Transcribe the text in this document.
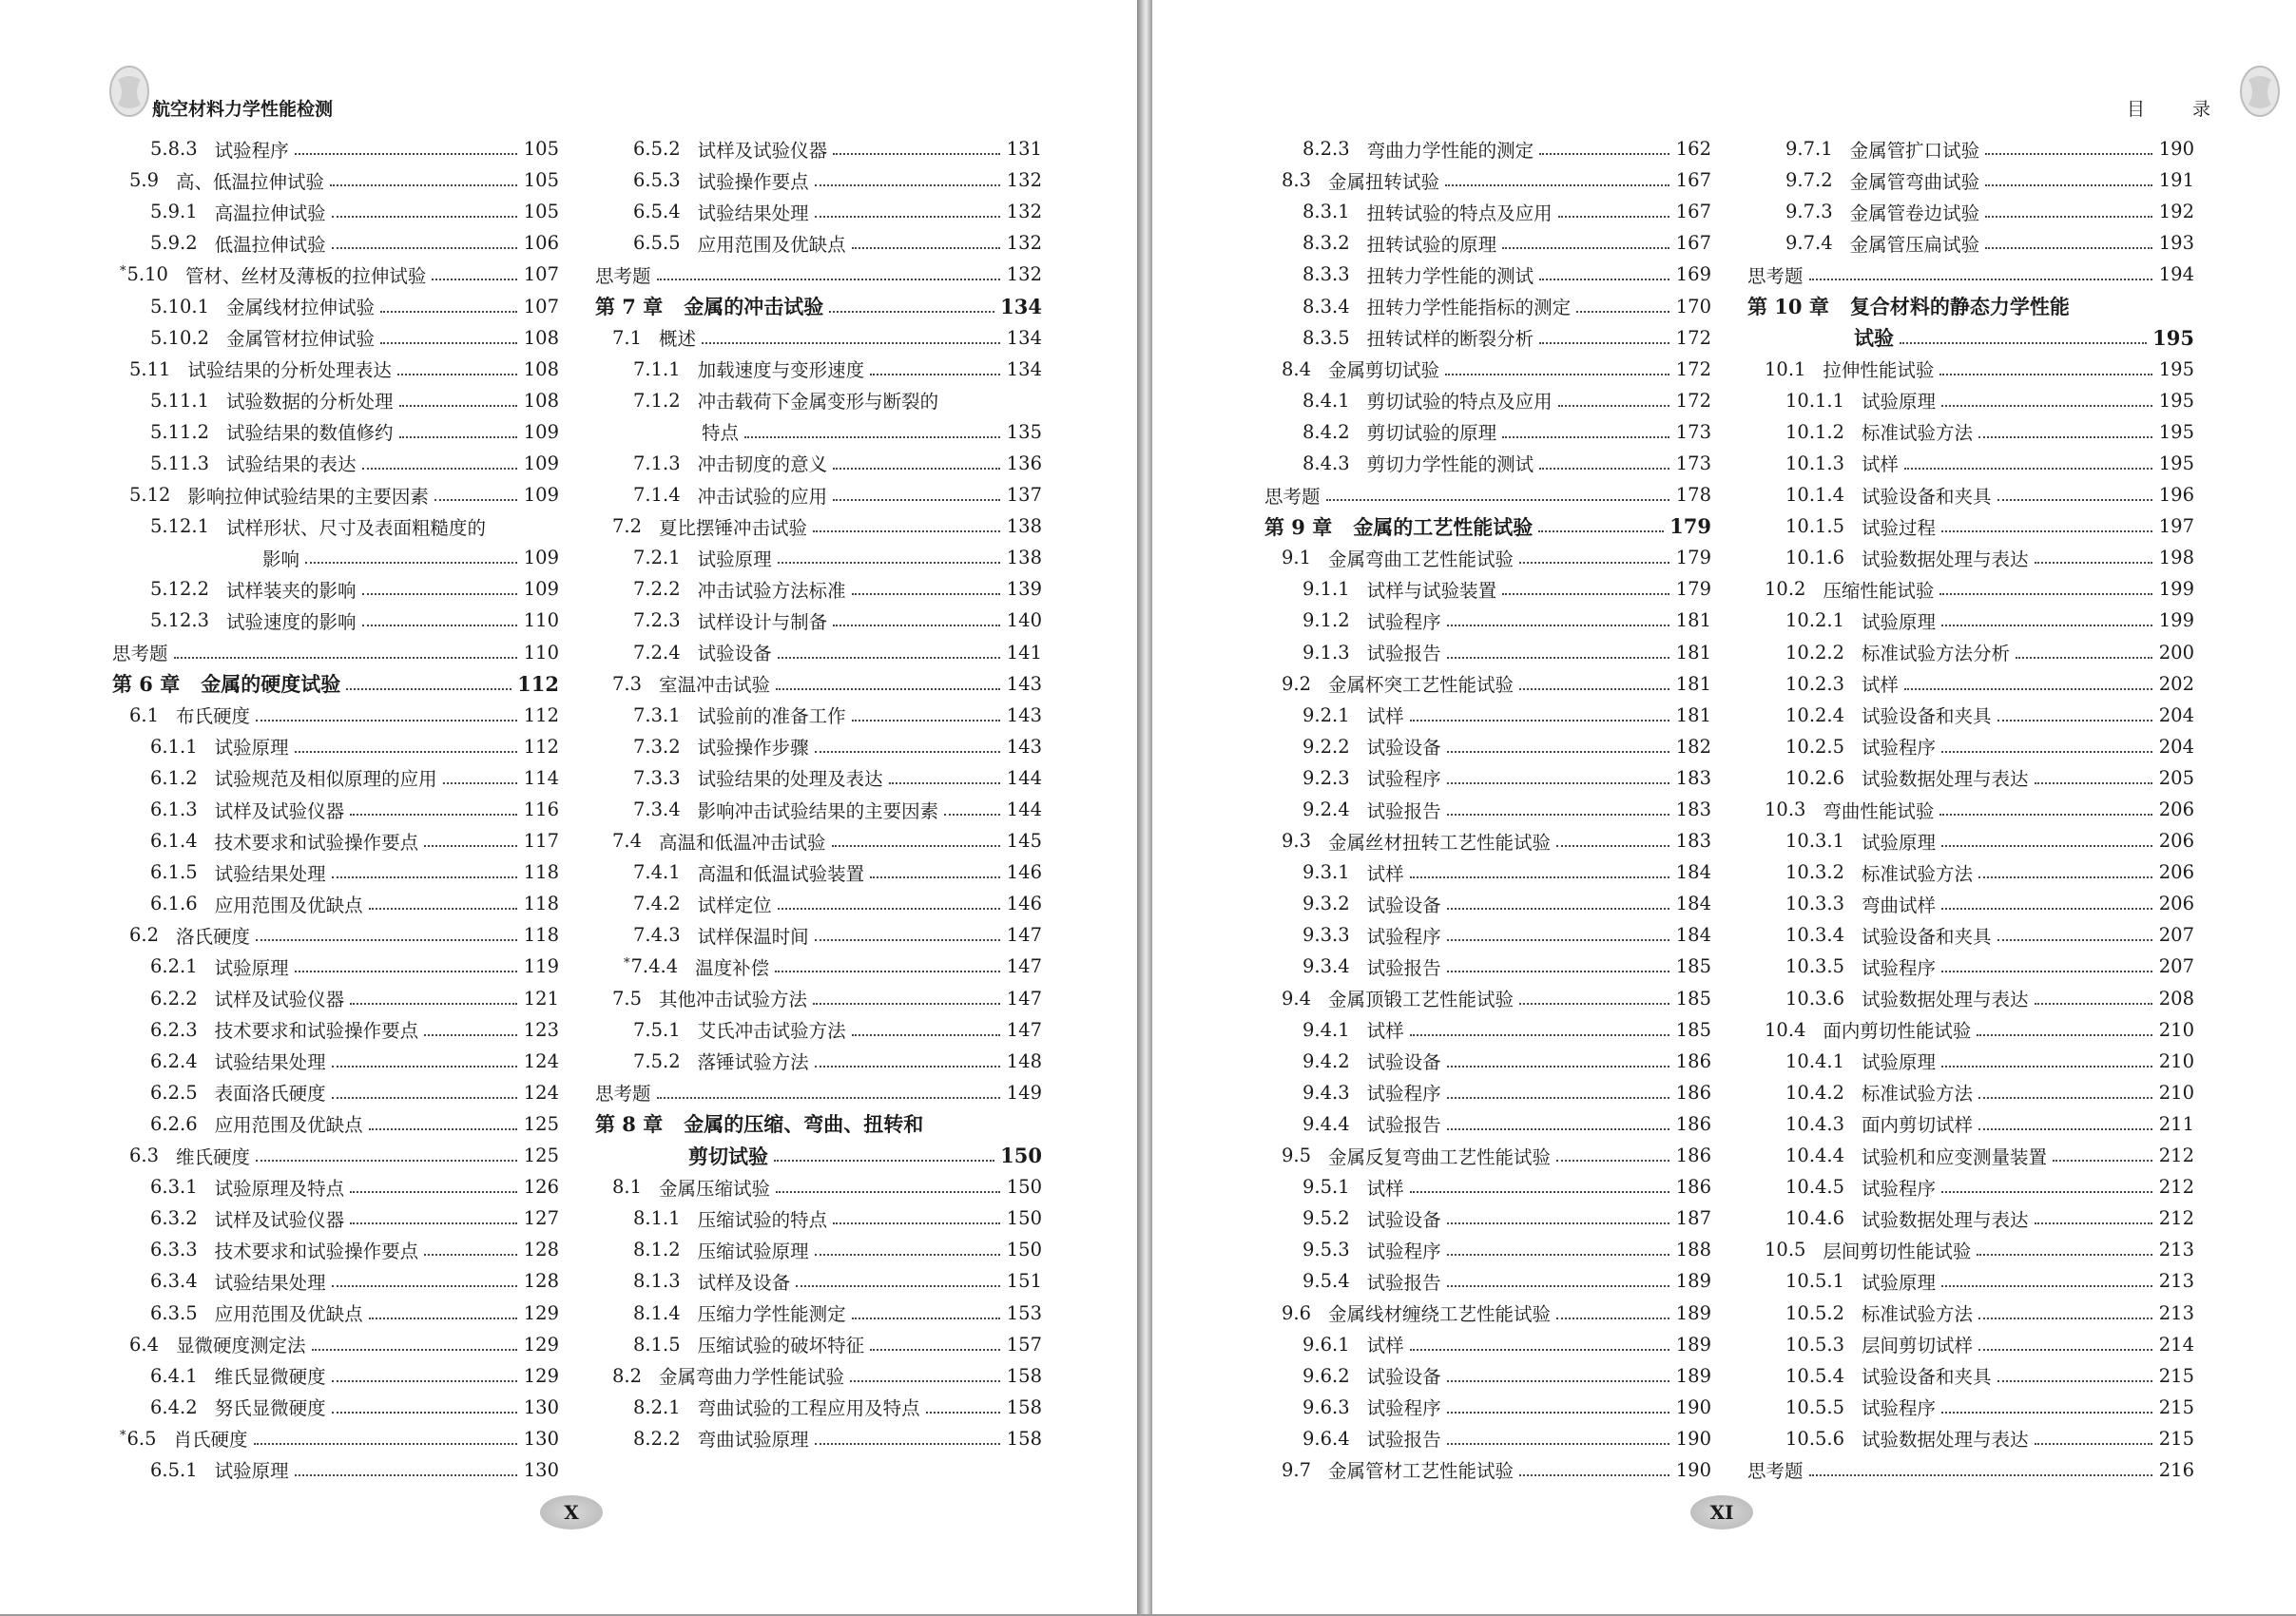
航空材料力学性能检测
5.8.3 试验程序	105
5.9 高、低温拉伸试验	105
5.9.1 高温拉伸试验	105
5.9.2 低温拉伸试验	106
* 5.10 管材、丝材及薄板的拉伸试验	107
5.10.1 金属线材拉伸试验	107
5.10.2 金属管材拉伸试验	108
5.11 试验结果的分析处理表达	108
5.11.1 试验数据的分析处理	108
5.11.2 试验结果的数值修约	109
5.11.3 试验结果的表达	109
5.12 影响拉伸试验结果的主要因素	109
5.12.1 试样形状、尺寸及表面粗糙度的
影响	109
5.12.2 试样装夹的影响	109
5.12.3 试验速度的影响	110
思考题	110
第 6 章 金属的硬度试验	112
6.1 布氏硬度	112
6.1.1 试验原理	112
6.1.2 试验规范及相似原理的应用	114
6.1.3 试样及试验仪器	116
6.1.4 技术要求和试验操作要点	117
6.1.5 试验结果处理	118
6.1.6 应用范围及优缺点	118
6.2 洛氏硬度	118
6.2.1 试验原理	119
6.2.2 试样及试验仪器	121
6.2.3 技术要求和试验操作要点	123
6.2.4 试验结果处理	124
6.2.5 表面洛氏硬度	124
6.2.6 应用范围及优缺点	125
6.3 维氏硬度	125
6.3.1 试验原理及特点	126
6.3.2 试样及试验仪器	127
6.3.3 技术要求和试验操作要点	128
6.3.4 试验结果处理	128
6.3.5 应用范围及优缺点	129
6.4 显微硬度测定法	129
6.4.1 维氏显微硬度	129
6.4.2 努氏显微硬度	130
* 6.5 肖氏硬度	130
6.5.1 试验原理	130
6.5.2 试样及试验仪器	131
6.5.3 试验操作要点	132
6.5.4 试验结果处理	132
6.5.5 应用范围及优缺点	132
思考题	132
第 7 章 金属的冲击试验	134
7.1 概述	134
7.1.1 加载速度与变形速度	134
7.1.2 冲击载荷下金属变形与断裂的
特点	135
7.1.3 冲击韧度的意义	136
7.1.4 冲击试验的应用	137
7.2 夏比摆锤冲击试验	138
7.2.1 试验原理	138
7.2.2 冲击试验方法标准	139
7.2.3 试样设计与制备	140
7.2.4 试验设备	141
7.3 室温冲击试验	143
7.3.1 试验前的准备工作	143
7.3.2 试验操作步骤	143
7.3.3 试验结果的处理及表达	144
7.3.4 影响冲击试验结果的主要因素	144
7.4 高温和低温冲击试验	145
7.4.1 高温和低温试验装置	146
7.4.2 试样定位	146
7.4.3 试样保温时间	147
* 7.4.4 温度补偿	147
7.5 其他冲击试验方法	147
7.5.1 艾氏冲击试验方法	147
7.5.2 落锤试验方法	148
思考题	149
第 8 章 金属的压缩、弯曲、扭转和
剪切试验	150
8.1 金属压缩试验	150
8.1.1 压缩试验的特点	150
8.1.2 压缩试验原理	150
8.1.3 试样及设备	151
8.1.4 压缩力学性能测定	153
8.1.5 压缩试验的破坏特征	157
8.2 金属弯曲力学性能试验	158
8.2.1 弯曲试验的工程应用及特点	158
8.2.2 弯曲试验原理	158
X
目 录
8.2.3 弯曲力学性能的测定	162
8.3 金属扭转试验	167
8.3.1 扭转试验的特点及应用	167
8.3.2 扭转试验的原理	167
8.3.3 扭转力学性能的测试	169
8.3.4 扭转力学性能指标的测定	170
8.3.5 扭转试样的断裂分析	172
8.4 金属剪切试验	172
8.4.1 剪切试验的特点及应用	172
8.4.2 剪切试验的原理	173
8.4.3 剪切力学性能的测试	173
思考题	178
第 9 章 金属的工艺性能试验	179
9.1 金属弯曲工艺性能试验	179
9.1.1 试样与试验装置	179
9.1.2 试验程序	181
9.1.3 试验报告	181
9.2 金属杯突工艺性能试验	181
9.2.1 试样	181
9.2.2 试验设备	182
9.2.3 试验程序	183
9.2.4 试验报告	183
9.3 金属丝材扭转工艺性能试验	183
9.3.1 试样	184
9.3.2 试验设备	184
9.3.3 试验程序	184
9.3.4 试验报告	185
9.4 金属顶锻工艺性能试验	185
9.4.1 试样	185
9.4.2 试验设备	186
9.4.3 试验程序	186
9.4.4 试验报告	186
9.5 金属反复弯曲工艺性能试验	186
9.5.1 试样	186
9.5.2 试验设备	187
9.5.3 试验程序	188
9.5.4 试验报告	189
9.6 金属线材缠绕工艺性能试验	189
9.6.1 试样	189
9.6.2 试验设备	189
9.6.3 试验程序	190
9.6.4 试验报告	190
9.7 金属管材工艺性能试验	190
9.7.1 金属管扩口试验	190
9.7.2 金属管弯曲试验	191
9.7.3 金属管卷边试验	192
9.7.4 金属管压扁试验	193
思考题	194
第 10 章 复合材料的静态力学性能
试验	195
10.1 拉伸性能试验	195
10.1.1 试验原理	195
10.1.2 标准试验方法	195
10.1.3 试样	195
10.1.4 试验设备和夹具	196
10.1.5 试验过程	197
10.1.6 试验数据处理与表达	198
10.2 压缩性能试验	199
10.2.1 试验原理	199
10.2.2 标准试验方法分析	200
10.2.3 试样	202
10.2.4 试验设备和夹具	204
10.2.5 试验程序	204
10.2.6 试验数据处理与表达	205
10.3 弯曲性能试验	206
10.3.1 试验原理	206
10.3.2 标准试验方法	206
10.3.3 弯曲试样	206
10.3.4 试验设备和夹具	207
10.3.5 试验程序	207
10.3.6 试验数据处理与表达	208
10.4 面内剪切性能试验	210
10.4.1 试验原理	210
10.4.2 标准试验方法	210
10.4.3 面内剪切试样	211
10.4.4 试验机和应变测量装置	212
10.4.5 试验程序	212
10.4.6 试验数据处理与表达	212
10.5 层间剪切性能试验	213
10.5.1 试验原理	213
10.5.2 标准试验方法	213
10.5.3 层间剪切试样	214
10.5.4 试验设备和夹具	215
10.5.5 试验程序	215
10.5.6 试验数据处理与表达	215
思考题	216
XI
